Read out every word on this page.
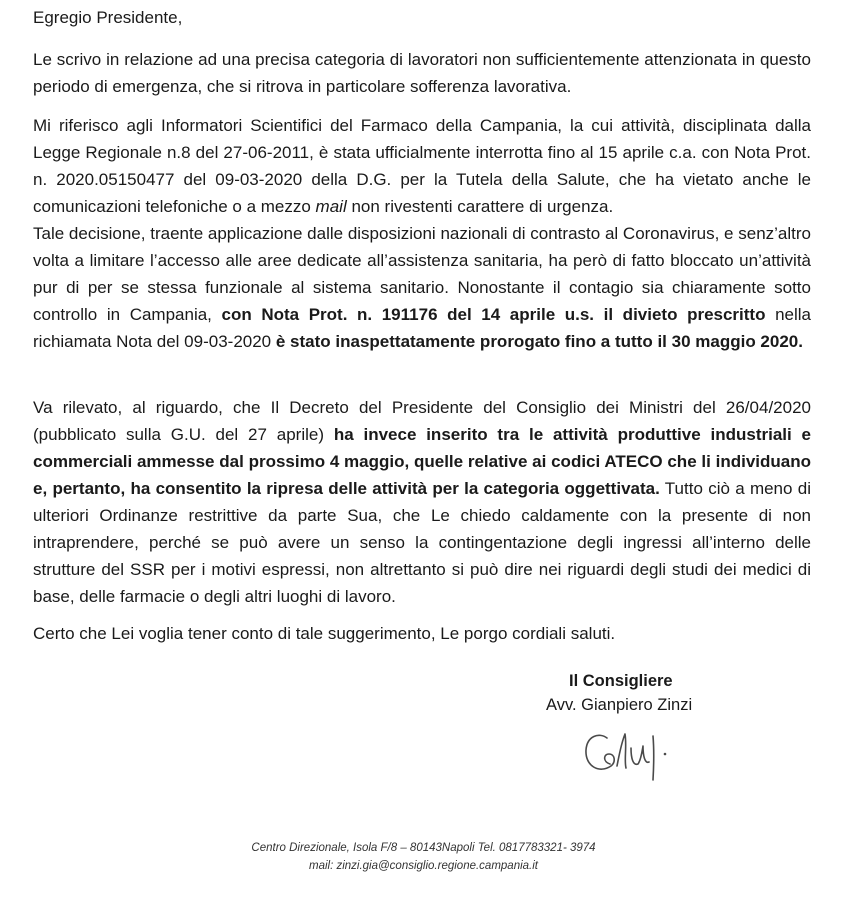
Egregio Presidente,

Le scrivo in relazione ad una precisa categoria di lavoratori non sufficientemente attenzionata in questo periodo di emergenza, che si ritrova in particolare sofferenza lavorativa.

Mi riferisco agli Informatori Scientifici del Farmaco della Campania, la cui attività, disciplinata dalla Legge Regionale n.8 del 27-06-2011, è stata ufficialmente interrotta fino al 15 aprile c.a. con Nota Prot. n. 2020.05150477 del 09-03-2020 della D.G. per la Tutela della Salute, che ha vietato anche le comunicazioni telefoniche o a mezzo mail non rivestenti carattere di urgenza.

Tale decisione, traente applicazione dalle disposizioni nazionali di contrasto al Coronavirus, e senz’altro volta a limitare l’accesso alle aree dedicate all’assistenza sanitaria, ha però di fatto bloccato un’attività pur di per se stessa funzionale al sistema sanitario. Nonostante il contagio sia chiaramente sotto controllo in Campania, con Nota Prot. n. 191176 del 14 aprile u.s. il divieto prescritto nella richiamata Nota del 09-03-2020 è stato inaspettatamente prorogato fino a tutto il 30 maggio 2020.

Va rilevato, al riguardo, che Il Decreto del Presidente del Consiglio dei Ministri del 26/04/2020 (pubblicato sulla G.U. del 27 aprile) ha invece inserito tra le attività produttive industriali e commerciali ammesse dal prossimo 4 maggio, quelle relative ai codici ATECO che li individuano e, pertanto, ha consentito la ripresa delle attività per la categoria oggettivata. Tutto ciò a meno di ulteriori Ordinanze restrittive da parte Sua, che Le chiedo caldamente con la presente di non intraprendere, perché se può avere un senso la contingentazione degli ingressi all’interno delle strutture del SSR per i motivi espressi, non altrettanto si può dire nei riguardi degli studi dei medici di base, delle farmacie o degli altri luoghi di lavoro.

Certo che Lei voglia tener conto di tale suggerimento, Le porgo cordiali saluti.

Il Consigliere
Avv. Gianpiero Zinzi
Centro Direzionale, Isola F/8 – 80143Napoli Tel. 0817783321- 3974
mail: zinzi.gia@consiglio.regione.campania.it
